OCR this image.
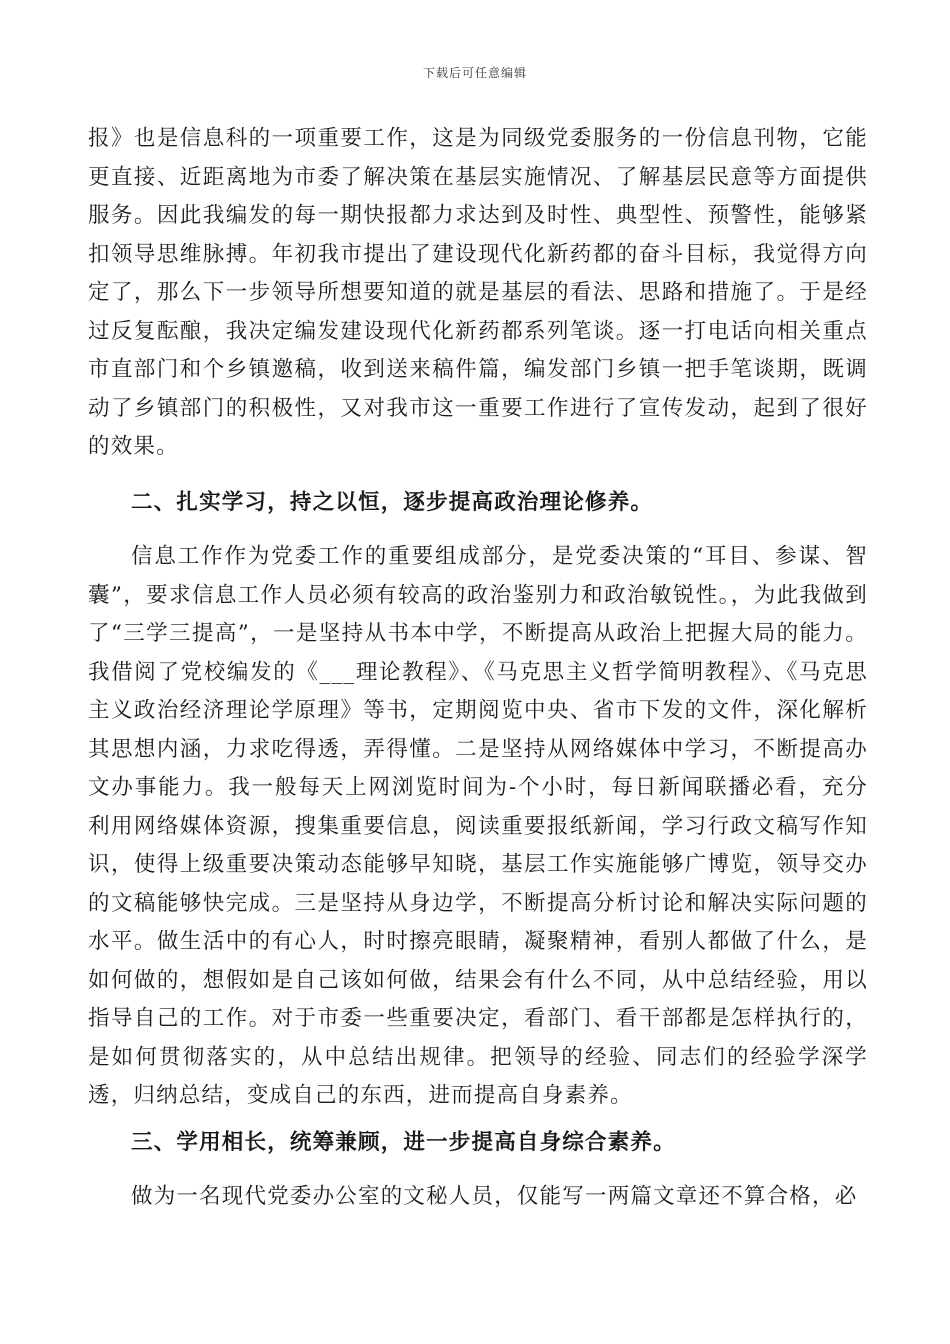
下载后可任意编辑

报》也是信息科的一项重要工作，这是为同级党委服务的一份信息刊物，它能更直接、近距离地为市委了解决策在基层实施情况、了解基层民意等方面提供服务。因此我编发的每一期快报都力求达到及时性、典型性、预警性，能够紧扣领导思维脉搏。年初我市提出了建设现代化新药都的奋斗目标，我觉得方向定了，那么下一步领导所想要知道的就是基层的看法、思路和措施了。于是经过反复酝酿，我决定编发建设现代化新药都系列笔谈。逐一打电话向相关重点市直部门和个乡镇邀稿，收到送来稿件篇，编发部门乡镇一把手笔谈期，既调动了乡镇部门的积极性，又对我市这一重要工作进行了宣传发动，起到了很好的效果。

二、扎实学习，持之以恒，逐步提高政治理论修养。

信息工作作为党委工作的重要组成部分，是党委决策的“耳目、参谋、智囊”，要求信息工作人员必须有较高的政治鉴别力和政治敏锐性。，为此我做到了“三学三提高”，一是坚持从书本中学，不断提高从政治上把握大局的能力。我借阅了党校编发的《___理论教程》、《马克思主义哲学简明教程》、《马克思主义政治经济理论学原理》等书，定期阅览中央、省市下发的文件，深化解析其思想内涵，力求吃得透，弄得懂。二是坚持从网络媒体中学习，不断提高办文办事能力。我一般每天上网浏览时间为-个小时，每日新闻联播必看，充分利用网络媒体资源，搜集重要信息，阅读重要报纸新闻，学习行政文稿写作知识，使得上级重要决策动态能够早知晓，基层工作实施能够广博览，领导交办的文稿能够快完成。三是坚持从身边学，不断提高分析讨论和解决实际问题的水平。做生活中的有心人，时时擦亮眼睛，凝聚精神，看别人都做了什么，是如何做的，想假如是自己该如何做，结果会有什么不同，从中总结经验，用以指导自己的工作。对于市委一些重要决定，看部门、看干部都是怎样执行的，是如何贯彻落实的，从中总结出规律。把领导的经验、同志们的经验学深学透，归纳总结，变成自己的东西，进而提高自身素养。

三、学用相长，统筹兼顾，进一步提高自身综合素养。

做为一名现代党委办公室的文秘人员，仅能写一两篇文章还不算合格，必
